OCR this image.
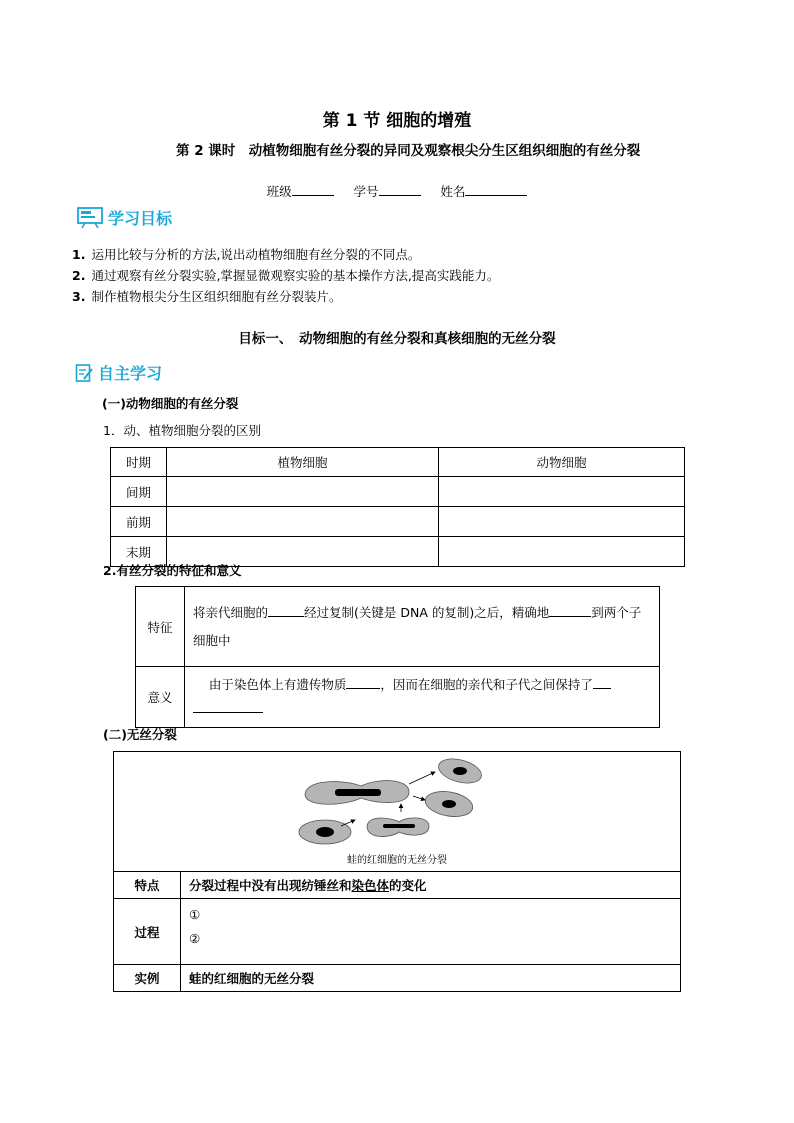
第 1 节 细胞的增殖
第 2 课时　动植物细胞有丝分裂的异同及观察根尖分生区组织细胞的有丝分裂
班级	学号	姓名
学习目标
1. 运用比较与分析的方法,说出动植物细胞有丝分裂的不同点。
2. 通过观察有丝分裂实验,掌握显微观察实验的基本操作方法,提高实践能力。
3. 制作植物根尖分生区组织细胞有丝分裂装片。
目标一、　动物细胞的有丝分裂和真核细胞的无丝分裂
自主学习
(一)动物细胞的有丝分裂
1．动、植物细胞分裂的区别
时期	植物细胞	动物细胞
间期		
前期		
末期		
2.有丝分裂的特征和意义
特征	将亲代细胞的 经过复制(关键是 DNA 的复制)之后，精确地 到两个子细胞中
意义	由于染色体上有遗传物质 ，因而在细胞的亲代和子代之间保持了

(二)无丝分裂
蛙的红细胞的无丝分裂	

特点	分裂过程中没有出现纺锤丝和染色体的变化
过程	①
②

实例	蛙的红细胞的无丝分裂
